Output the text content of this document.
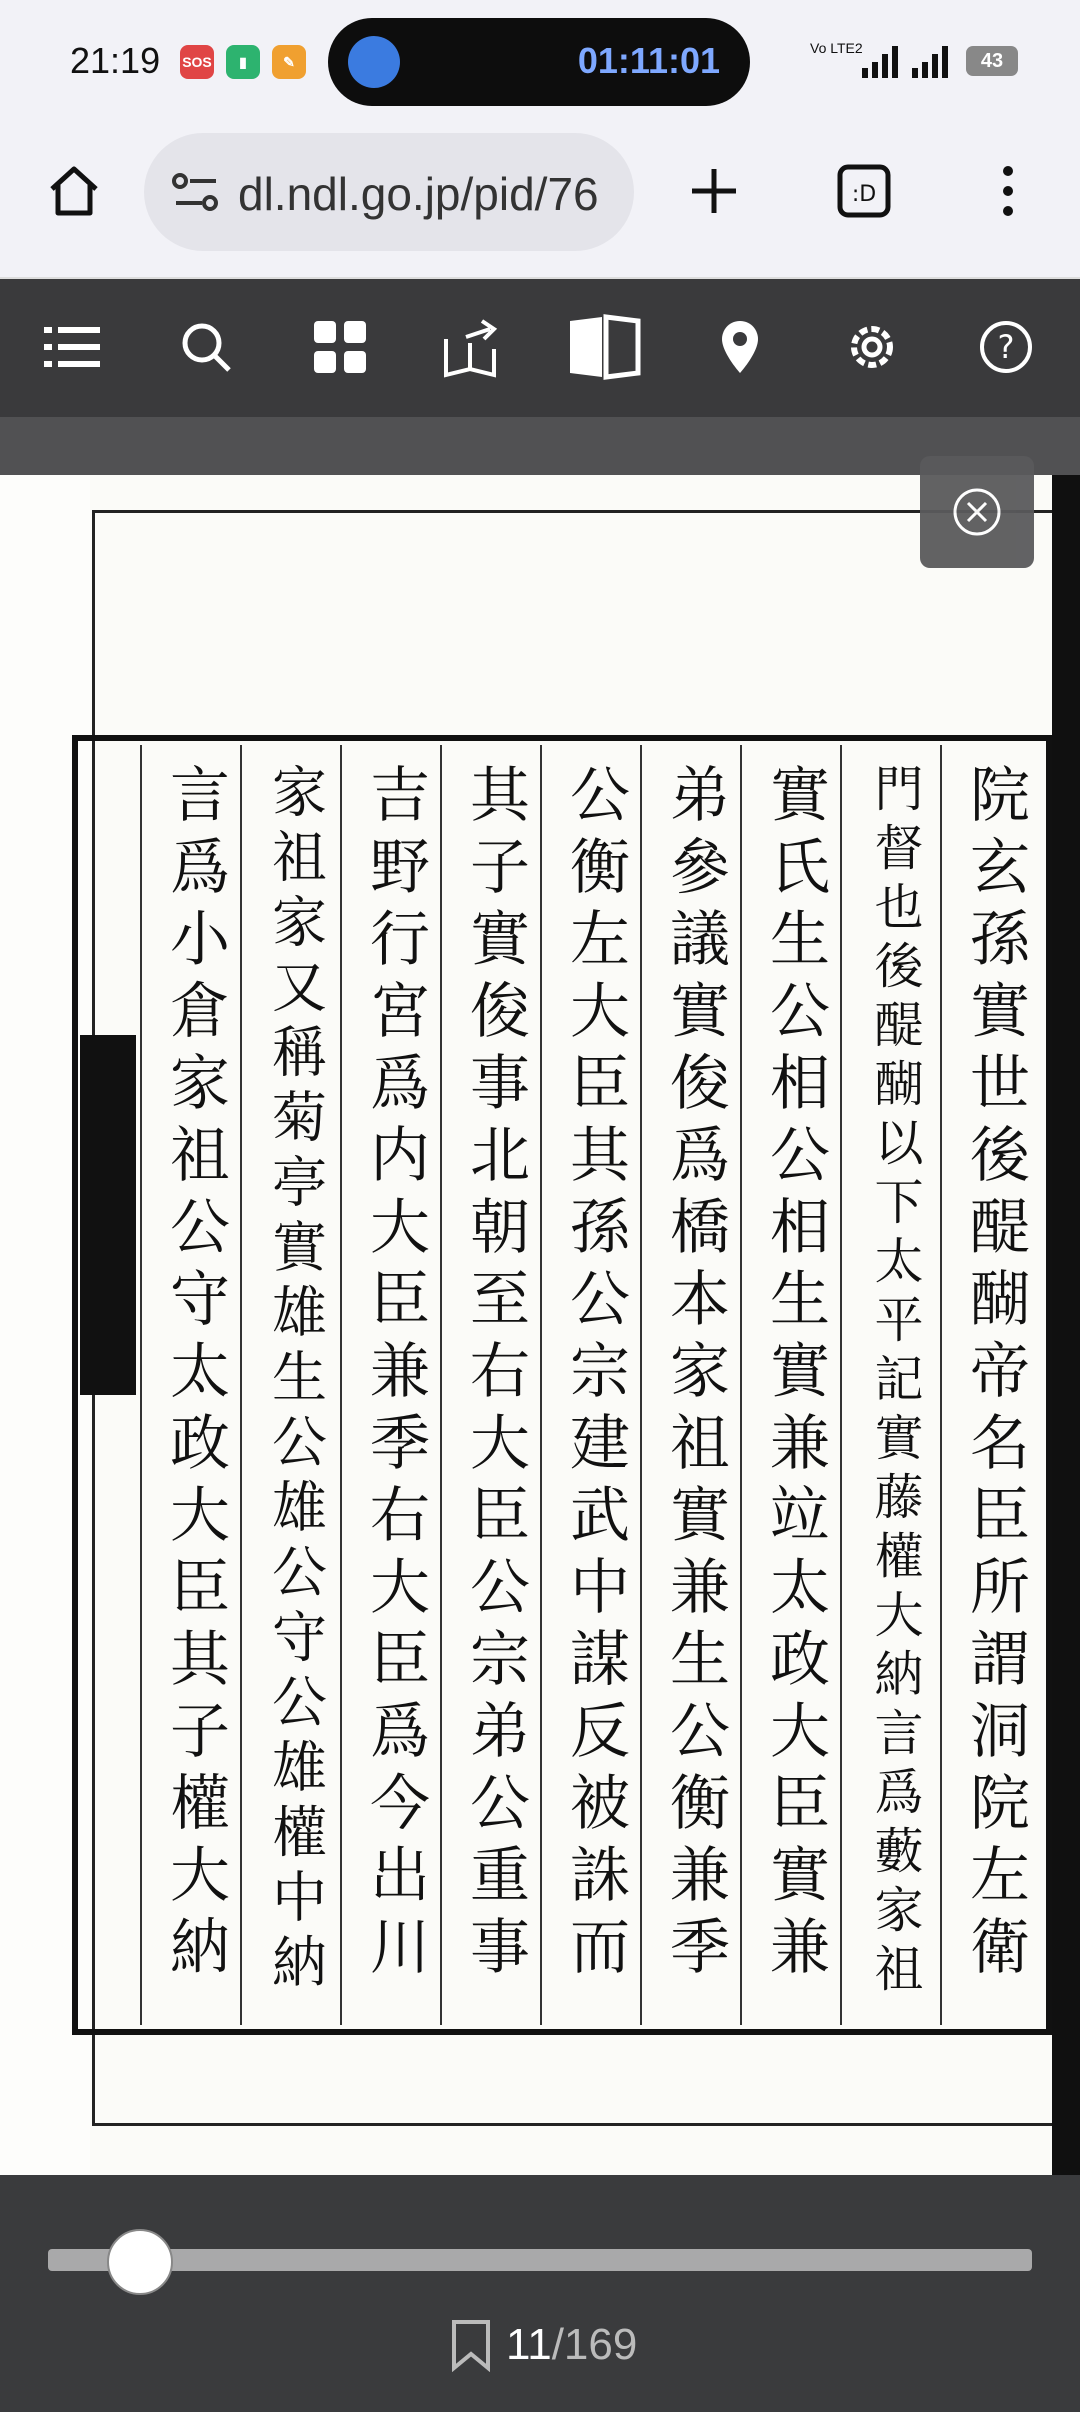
21:19 SOS	▮	✎	01:11:01	Vo LTE2
43
dl.ndl.go.jp/pid/76	:D
?
院玄孫實世後醍醐帝名臣所謂洞院左衛
門督也後醍醐以下太平記實藤權大納言爲藪家祖
實氏生公相公相生實兼竝太政大臣實兼
弟參議實俊爲橋本家祖實兼生公衡兼季
公衡左大臣其孫公宗建武中謀反被誅而
其子實俊事北朝至右大臣公宗弟公重事
吉野行宮爲内大臣兼季右大臣爲今出川
家祖家又稱菊亭實雄生公雄公守公雄權中納
言爲小倉家祖公守太政大臣其子權大納
11 /169
